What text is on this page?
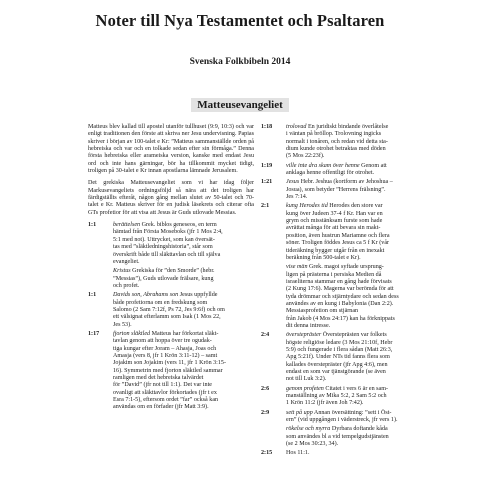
Noter till Nya Testamentet och Psaltaren
Svenska Folkbibeln 2014
Matteusevangeliet

Matteus blev kallad till apostel utanför tullhuset (9:9, 10:3) och var enligt traditionen den förste att skriva ner Jesu undervisning. Papias skriver i början av 100-talet e Kr: ”Matteus sammanställde orden på hebreiska och var och en tolkade sedan efter sin förmåga.” Denna första hebreiska eller arameiska version, kanske med endast Jesu ord och inte hans gärningar, bör ha tillkommit mycket tidigt, troligen på 30-talet e Kr innan apostlarna lämnade Jerusalem.

Det grekiska Matteusevangeliet som vi har idag följer Markusevangeliets ordningsföljd så nära att det troligen har färdigställts efteråt, någon gång mellan slutet av 50-talet och 70-talet e Kr. Matteus skriver för en judisk läsekrets och citerar ofta GTs profetior för att visa att Jesus är Guds utlovade Messias.

1:1	berättelsen Grek. biblos geneseos, en term
hämtad från Första Moseboks (jfr 1 Mos 2:4,
5:1 med not). Uttrycket, som kan översät-
tas med ”släktledningshistoria”, står som
överskrift både till släkttavlan och till själva
evangeliet.
Kristus Grekiska för ”den Smorde” (hebr.
”Messias”), Guds utlovade frälsare, kung
och profet.
1:1	Davids son, Abrahams son Jesus uppfyllde
både profetiorna om en fredskung som
Salomo (2 Sam 7:12f, Ps 72, Jes 9:6f) och om
ett välsignat efterlamm som Isak (1 Mos 22,
Jes 53).
1:17	fjorton släktled Matteus har förkortat släkt-
tavlan genom att hoppa över tre ogudak-
tiga kungar efter Joram – Ahasja, Joas och
Amasja (vers 8, jfr 1 Krön 3:11-12) – samt
Jojakim son Jojakim (vers 11, jfr 1 Krön 3:15-
16). Symmetrin med fjorton släktled sammar
ramligen med det hebreiska talvärdet
för ”David” (jfr not till 1:1). Det var inte
ovanligt att släkttavlor förkortades (jfr t ex
Esra 7:1-5), eftersom ordet ”far” också kan
användas om en förfader (jfr Matt 3:9).
1:18	trolovad En juridiskt bindande överlåtelse
i väntan på bröllop. Trolovning ingicks
normalt i tonåren, och redan vid detta sta-
dium kunde otrohet betraktas med döden
(5 Mos 22:23f).
1:19	ville inte dra skam över henne Genom att
anklaga henne offentligt för otrohet.
1:21	Jesus Hebr. Jeshua (kortform av Jehoshua –
Josua), som betyder ”Herrens frälsning”.
Jes 7:14.
2:1	kung Herodes tid Herodes den store var
kung över Judeen 37-4 f Kr. Han var en
grym och misstänksam furste som hade
avrättat många för att bevara sin makt-
position, även hustrun Mariamne och flera
söner. Troligen föddes Jesus ca 5 f Kr (vår
tideräkning bygger utgår från en inexakt
beräkning från 500-talet e Kr).
vise män Grek. magoi syftade ursprung-
ligen på prästerna i persiska Medien då
israeliterna stammar en gång hade förvisats
(2 Kung 17:6). Magerna var berömda för att
tyda drömmar och stjärntydare och sedan dess
användes av en kung i Babylonia (Dan 2:2).
Messiasprofetion om stjärnan
från Jakob (4 Mos 24:17) kan ha förknippats
dit denna intresse.
2:4	överstepräster Översteprästen var folkets
högste religiöse ledare (3 Mos 21:10f, Hebr
5:9) och fungerade i flera sådan (Matt 26:3,
Apg 5:21f). Under NTs tid fanns flera som
kallades överstepräster (jfr Apg 4:6), men
endast en som var tjänstgörande (se även
not till Luk 3:2).
2:6	genom profeten Citatet i vers 6 är en sam-
manställning av Mika 5:2, 2 Sam 5:2 och
1 Krön 11:2 (jfr även Joh 7:42).
2:9	sett på upp Annan översättning: ”sett i Öst-
ern” (vid uppgången i väderstreck, jfr vers 1).
rökelse och myrra Dyrbara doftande kåda
som användes bl a vid tempelgudstjänsten
(se 2 Mos 30:23, 34).
2:15	Hos 11:1.
